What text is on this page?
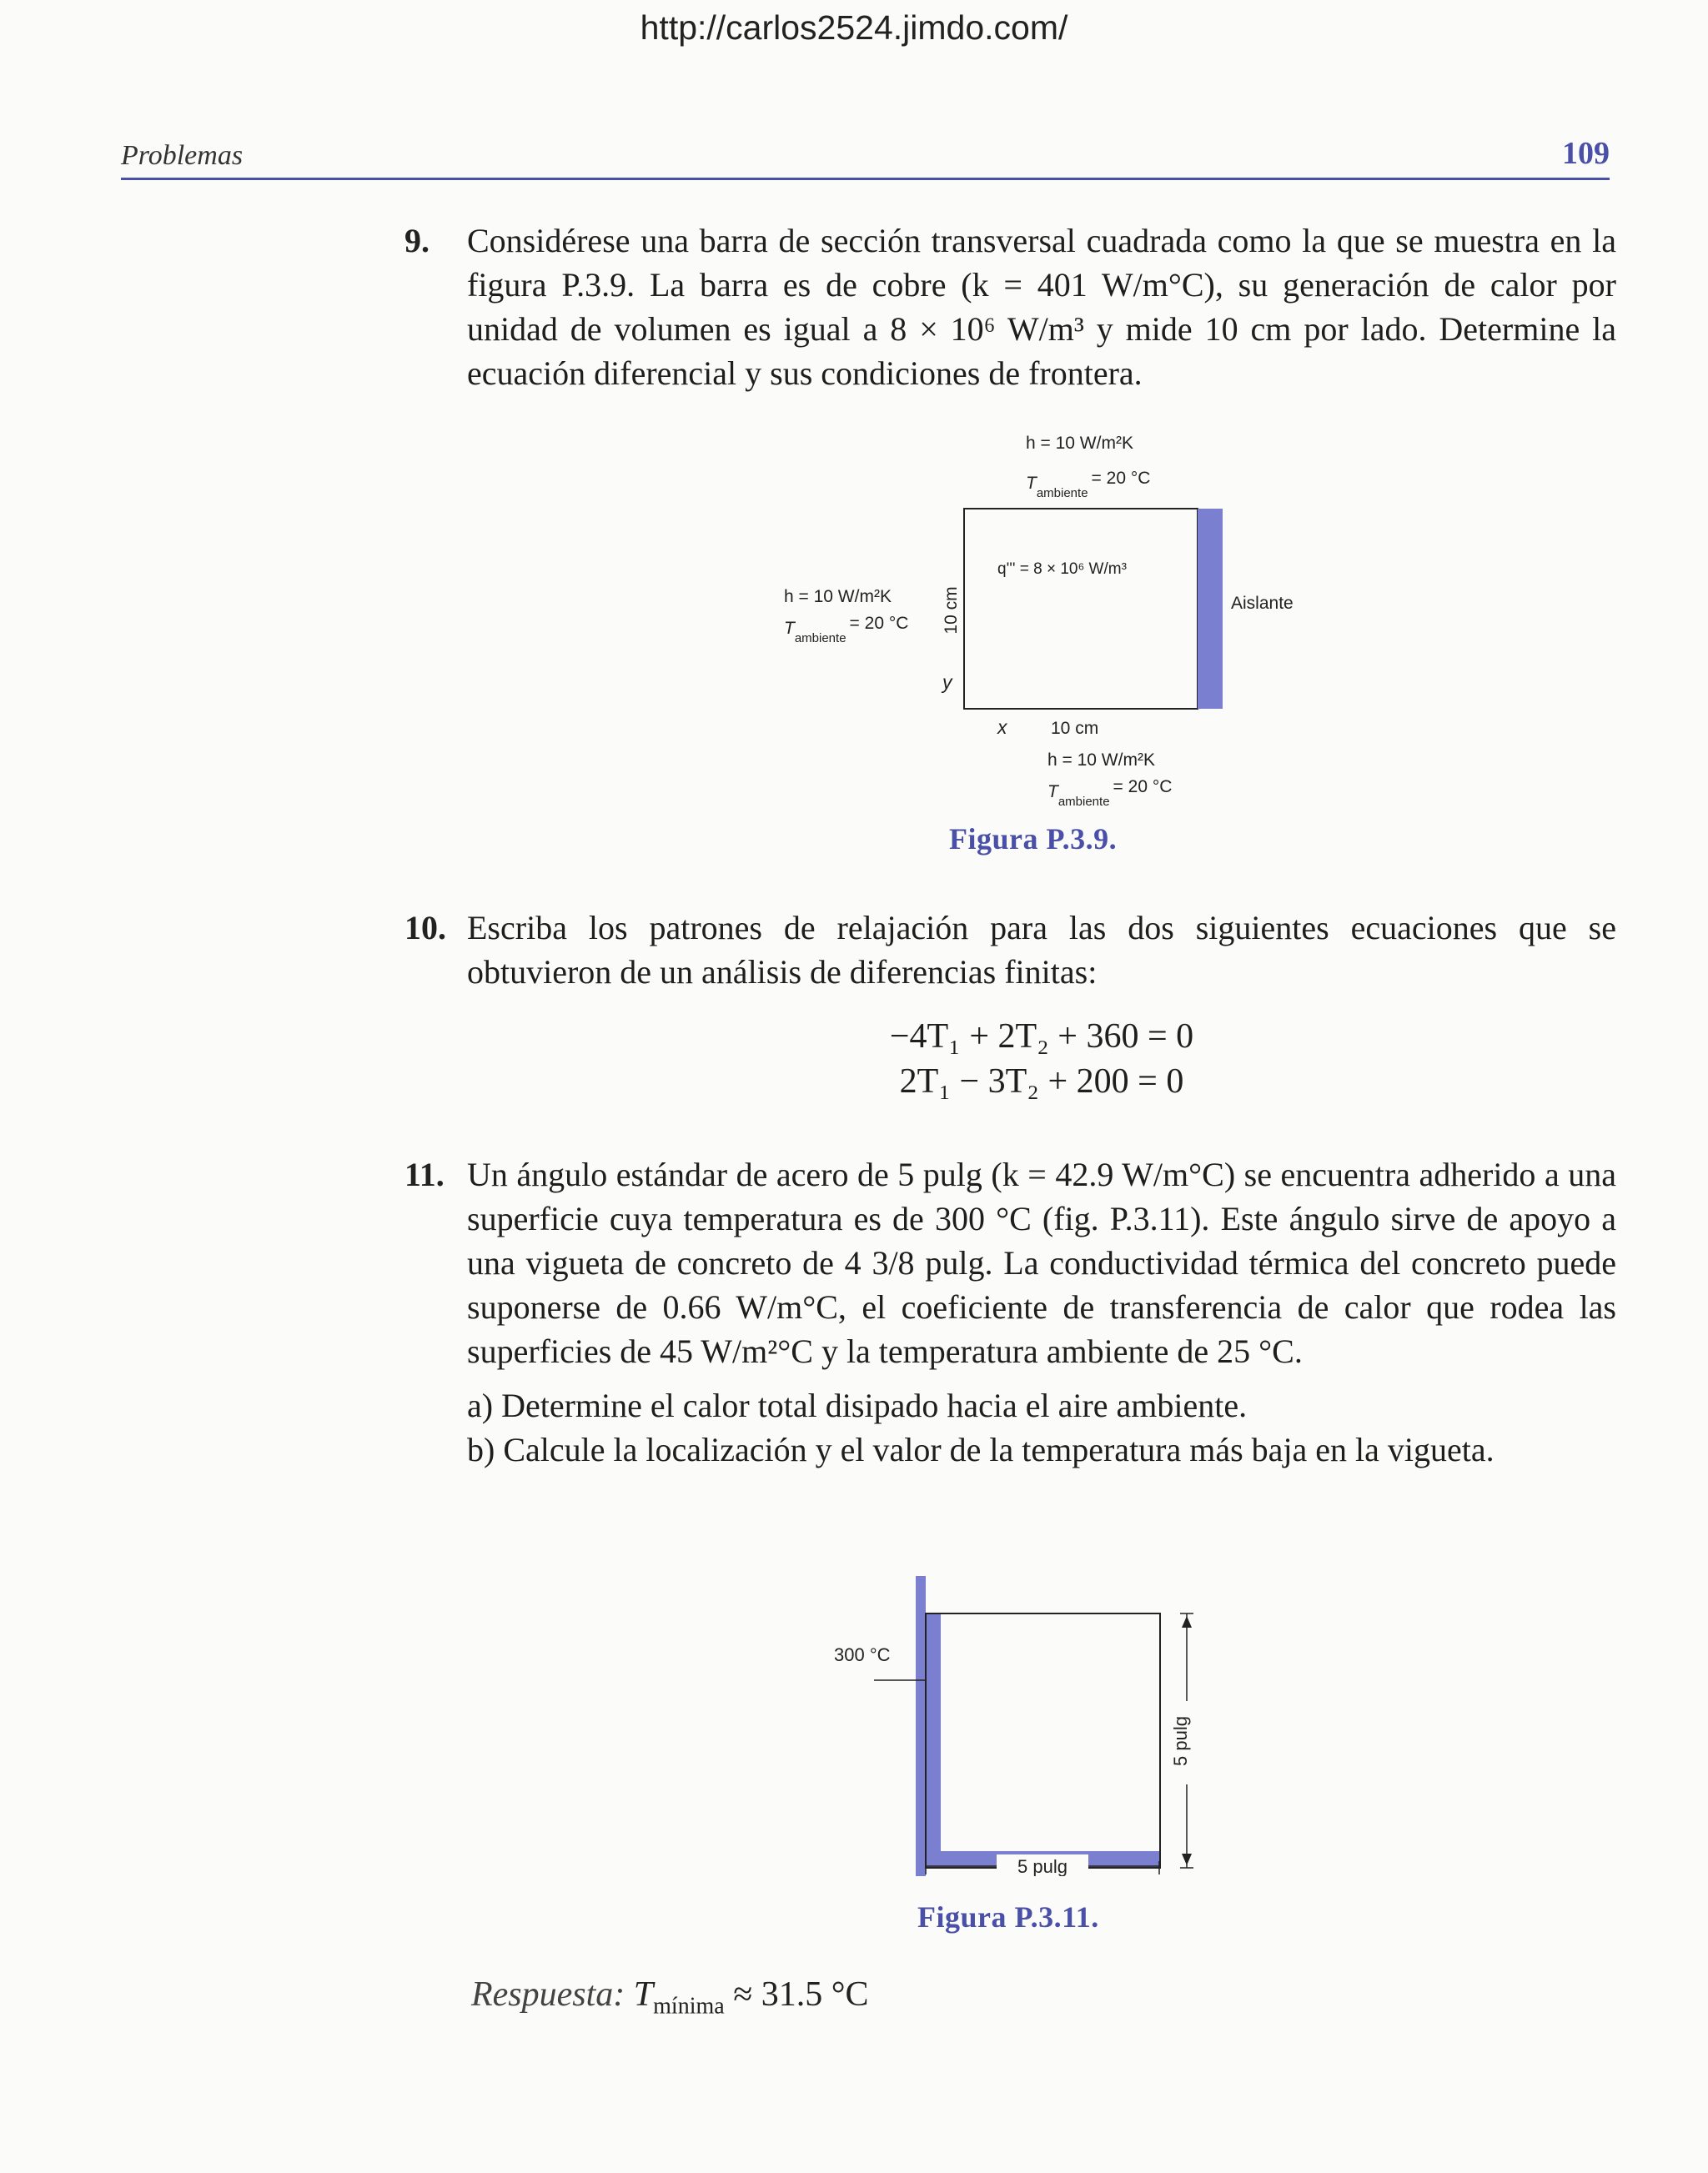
http://carlos2524.jimdo.com/
Problemas	109
9. Considérese una barra de sección transversal cuadrada como la que se muestra en la figura P.3.9. La barra es de cobre (k = 401 W/m°C), su generación de calor por unidad de volumen es igual a 8 × 10⁶ W/m³ y mide 10 cm por lado. Determine la ecuación diferencial y sus condiciones de frontera.

h = 10 W/m²K
$T_{ambiente}= 20$ °C
Aislante
q''' = 8 × 10⁶ W/m³
h = 10 W/m²K
$T_{ambiente}= 20$ °C 10 cm
y
x	10 cm
h = 10 W/m²K
$T_{ambiente}= 20$ °C
Figura P.3.9.
10. Escriba los patrones de relajación para las dos siguientes ecuaciones que se obtuvieron de un análisis de diferencias finitas:

−4T₁ + 2T₂ + 360 = 0
2T₁ − 3T₂ + 200 = 0
11. Un ángulo estándar de acero de 5 pulg (k = 42.9 W/m°C) se encuentra adherido a una superficie cuya temperatura es de 300 °C (fig. P.3.11). Este ángulo sirve de apoyo a una vigueta de concreto de 4 3/8 pulg. La conductividad térmica del concreto puede suponerse de 0.66 W/m°C, el coeficiente de transferencia de calor que rodea las superficies de 45 W/m²°C y la temperatura ambiente de 25 °C.

a) Determine el calor total disipado hacia el aire ambiente.
b) Calcule la localización y el valor de la temperatura más baja en la vigueta.
300 °C
5 pulg
5 pulg
Figura P.3.11.
Respuesta: $T_{mínima} \approx 31.5$ °C
